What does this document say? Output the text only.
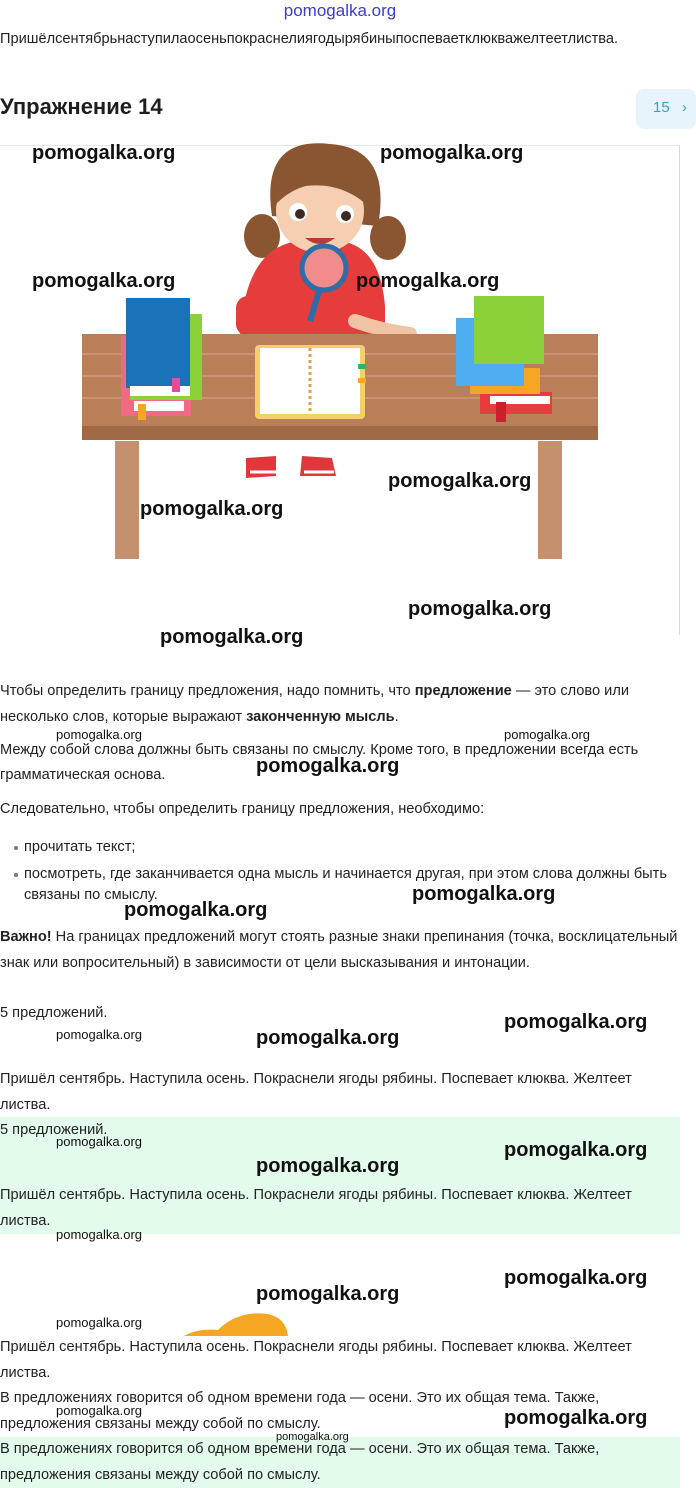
pomogalka.org

Пришёлсентябрьнаступилаосеньпокраснелиягодырябиныпоспеваетклюкважелтеетлиства.

Упражнение 14	15 ›
pomogalka.org	pomogalka.org
pomogalka.org	pomogalka.org
pomogalka.org
pomogalka.org
pomogalka.org
pomogalka.org

Чтобы определить границу предложения, надо помнить, что предложение — это слово или несколько слов, которые выражают законченную мысль.

Между собой слова должны быть связаны по смыслу. Кроме того, в предложении всегда есть грамматическая основа.

Следовательно, чтобы определить границу предложения, необходимо:

прочитать текст;
посмотреть, где заканчивается одна мысль и начинается другая, при этом слова должны быть связаны по смыслу.

Важно! На границах предложений могут стоять разные знаки препинания (точка, восклицательный знак или вопросительный) в зависимости от цели высказывания и интонации.

5 предложений.

Пришёл сентябрь. Наступила осень. Покраснели ягоды рябины. Поспевает клюква. Желтеет листва.

5 предложений.

Пришёл сентябрь. Наступила осень. Покраснели ягоды рябины. Поспевает клюква. Желтеет листва.

Пришёл сентябрь. Наступила осень. Покраснели ягоды рябины. Поспевает клюква. Желтеет листва.

В предложениях говорится об одном времени года — осени. Это их общая тема. Также, предложения связаны между собой по смыслу.

В предложениях говорится об одном времени года — осени. Это их общая тема. Также, предложения связаны между собой по смыслу.

pomogalka.org	pomogalka.org
pomogalka.org
pomogalka.org
pomogalka.org
pomogalka.org	pomogalka.org
pomogalka.org
pomogalka.org
pomogalka.org
pomogalka.org
pomogalka.org
pomogalka.org
pomogalka.org
pomogalka.org
pomogalka.org	pomogalka.org
pomogalka.org
